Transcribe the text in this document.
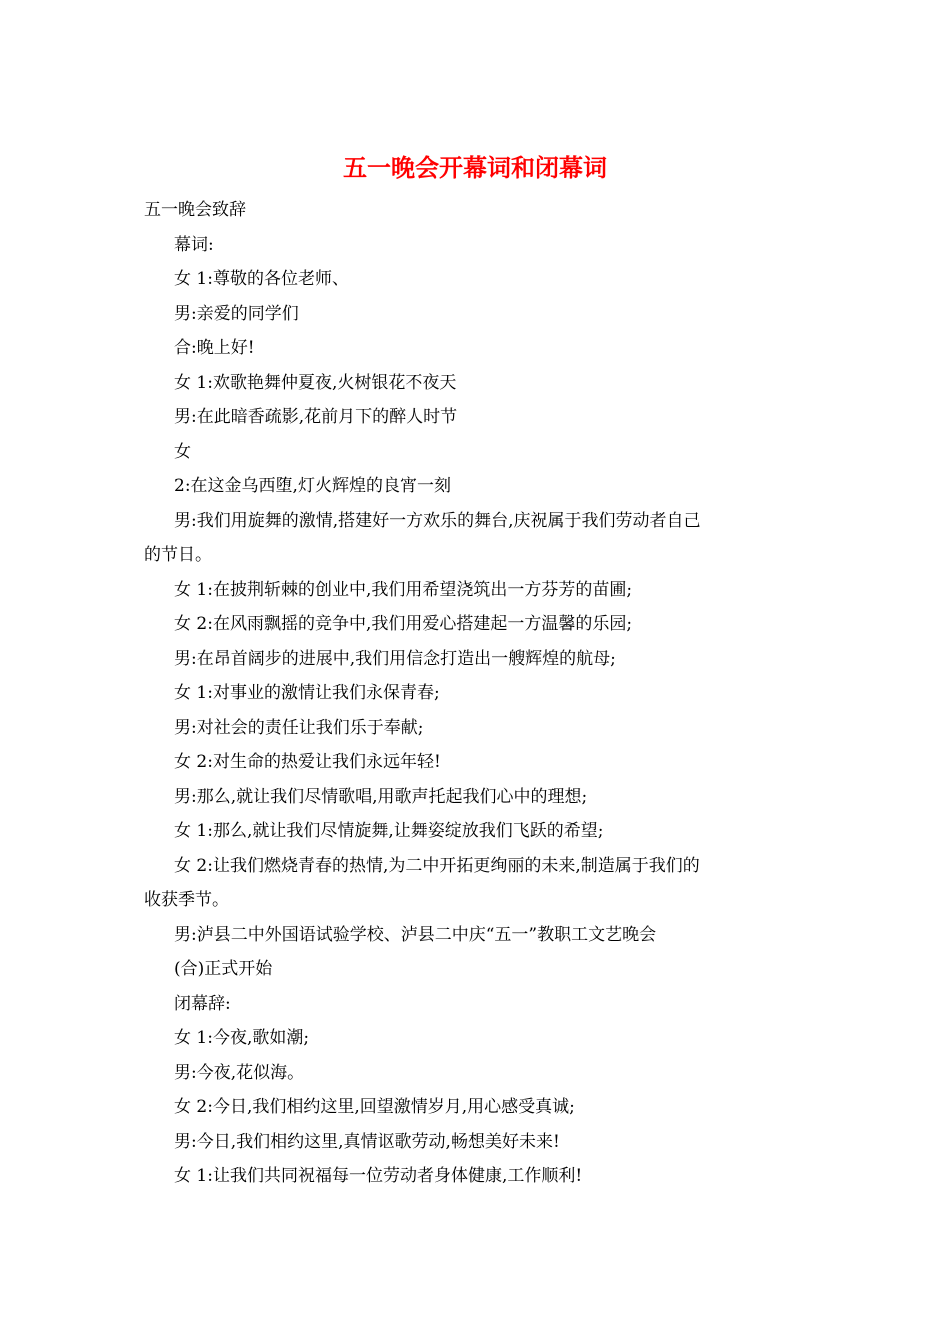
五一晚会开幕词和闭幕词
五一晚会致辞
幕词:
女 1:尊敬的各位老师、
男:亲爱的同学们
合:晚上好!
女 1:欢歌艳舞仲夏夜,火树银花不夜天
男:在此暗香疏影,花前月下的醉人时节
女
2:在这金乌西堕,灯火辉煌的良宵一刻
男:我们用旋舞的激情,搭建好一方欢乐的舞台,庆祝属于我们劳动者自己
的节日。
女 1:在披荆斩棘的创业中,我们用希望浇筑出一方芬芳的苗圃;
女 2:在风雨飘摇的竞争中,我们用爱心搭建起一方温馨的乐园;
男:在昂首阔步的进展中,我们用信念打造出一艘辉煌的航母;
女 1:对事业的激情让我们永保青春;
男:对社会的责任让我们乐于奉献;
女 2:对生命的热爱让我们永远年轻!
男:那么,就让我们尽情歌唱,用歌声托起我们心中的理想;
女 1:那么,就让我们尽情旋舞,让舞姿绽放我们飞跃的希望;
女 2:让我们燃烧青春的热情,为二中开拓更绚丽的未来,制造属于我们的
收获季节。
男:泸县二中外国语试验学校、泸县二中庆“五一”教职工文艺晚会
(合)正式开始
闭幕辞:
女 1:今夜,歌如潮;
男:今夜,花似海。
女 2:今日,我们相约这里,回望激情岁月,用心感受真诚;
男:今日,我们相约这里,真情讴歌劳动,畅想美好未来!
女 1:让我们共同祝福每一位劳动者身体健康,工作顺利!
